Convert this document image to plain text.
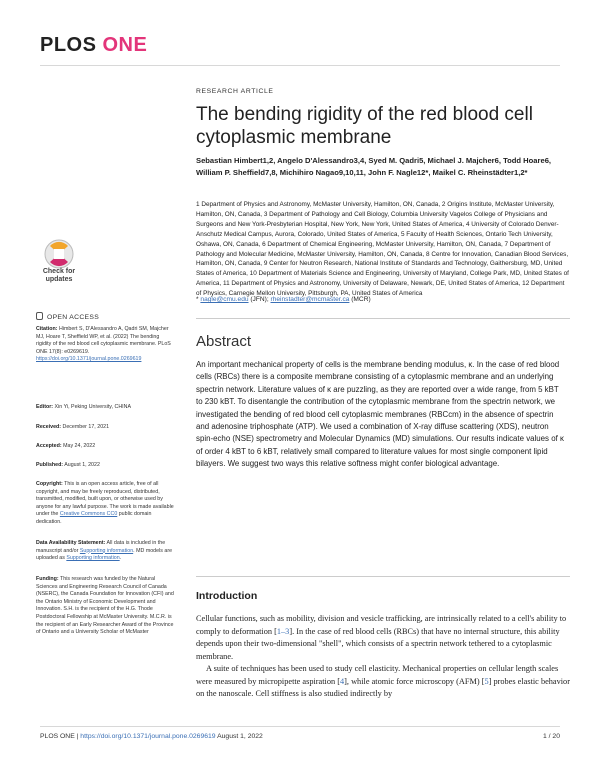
PLOS ONE
Check for
updates
OPEN ACCESS
Citation: Himbert S, D'Alessandro A, Qadri SM, Majcher MJ, Hoare T, Sheffield WP, et al. (2022) The bending rigidity of the red blood cell cytoplasmic membrane. PLoS ONE 17(8): e0269619. https://doi.org/10.1371/journal.pone.0269619
Editor: Xin Yi, Peking University, CHINA
Received: December 17, 2021
Accepted: May 24, 2022
Published: August 1, 2022
Copyright: This is an open access article, free of all copyright, and may be freely reproduced, distributed, transmitted, modified, built upon, or otherwise used by anyone for any lawful purpose. The work is made available under the Creative Commons CC0 public domain dedication.
Data Availability Statement: All data is included in the manuscript and/or Supporting information. MD models are uploaded as Supporting information.
Funding: This research was funded by the Natural Sciences and Engineering Research Council of Canada (NSERC), the Canada Foundation for Innovation (CFI) and the Ontario Ministry of Economic Development and Innovation. S.H. is the recipient of the H.G. Thode Postdoctoral Fellowship at McMaster University. M.C.R. is the recipient of an Early Researcher Award of the Province of Ontario and a University Scholar of McMaster
RESEARCH ARTICLE
The bending rigidity of the red blood cell cytoplasmic membrane
Sebastian Himbert1,2, Angelo D'Alessandro3,4, Syed M. Qadri5, Michael J. Majcher6, Todd Hoare6, William P. Sheffield7,8, Michihiro Nagao9,10,11, John F. Nagle12*, Maikel C. Rheinstädter1,2*
1 Department of Physics and Astronomy, McMaster University, Hamilton, ON, Canada, 2 Origins Institute, McMaster University, Hamilton, ON, Canada, 3 Department of Pathology and Cell Biology, Columbia University Vagelos College of Physicians and Surgeons and New York-Presbyterian Hospital, New York, New York, United States of America, 4 University of Colorado Denver-Anschutz Medical Campus, Aurora, Colorado, United States of America, 5 Faculty of Health Sciences, Ontario Tech University, Oshawa, ON, Canada, 6 Department of Chemical Engineering, McMaster University, Hamilton, ON, Canada, 7 Department of Pathology and Molecular Medicine, McMaster University, Hamilton, ON, Canada, 8 Centre for Innovation, Canadian Blood Services, Hamilton, ON, Canada, 9 Center for Neutron Research, National Institute of Standards and Technology, Gaithersburg, MD, United States of America, 10 Department of Materials Science and Engineering, University of Maryland, College Park, MD, United States of America, 11 Department of Physics and Astronomy, University of Delaware, Newark, DE, United States of America, 12 Department of Physics, Carnegie Mellon University, Pittsburgh, PA, United States of America
* nagle@cmu.edu (JFN); rheinstadter@mcmaster.ca (MCR)
Abstract
An important mechanical property of cells is the membrane bending modulus, κ. In the case of red blood cells (RBCs) there is a composite membrane consisting of a cytoplasmic membrane and an underlying spectrin network. Literature values of κ are puzzling, as they are reported over a wide range, from 5 kBT to 230 kBT. To disentangle the contribution of the cytoplasmic membrane from the spectrin network, we investigated the bending of red blood cell cytoplasmic membranes (RBCcm) in the absence of spectrin and adenosine triphosphate (ATP). We used a combination of X-ray diffuse scattering (XDS), neutron spin-echo (NSE) spectrometry and Molecular Dynamics (MD) simulations. Our results indicate values of κ of order 4 kBT to 6 kBT, relatively small compared to literature values for most single component lipid bilayers. We suggest two ways this relative softness might confer biological advantage.
Introduction

Cellular functions, such as mobility, division and vesicle trafficking, are intrinsically related to a cell's ability to comply to deformation [1–3]. In the case of red blood cells (RBCs) that have no internal structure, this ability depends upon their two-dimensional "shell", which consists of a spectrin network tethered to a cytoplasmic membrane.

A suite of techniques has been used to study cell elasticity. Mechanical properties on cellular length scales were measured by micropipette aspiration [4], while atomic force microscopy (AFM) [5] probes elastic behavior on the nanoscale. Cell stiffness is also studied indirectly by

PLOS ONE | https://doi.org/10.1371/journal.pone.0269619 August 1, 2022	1 / 20
